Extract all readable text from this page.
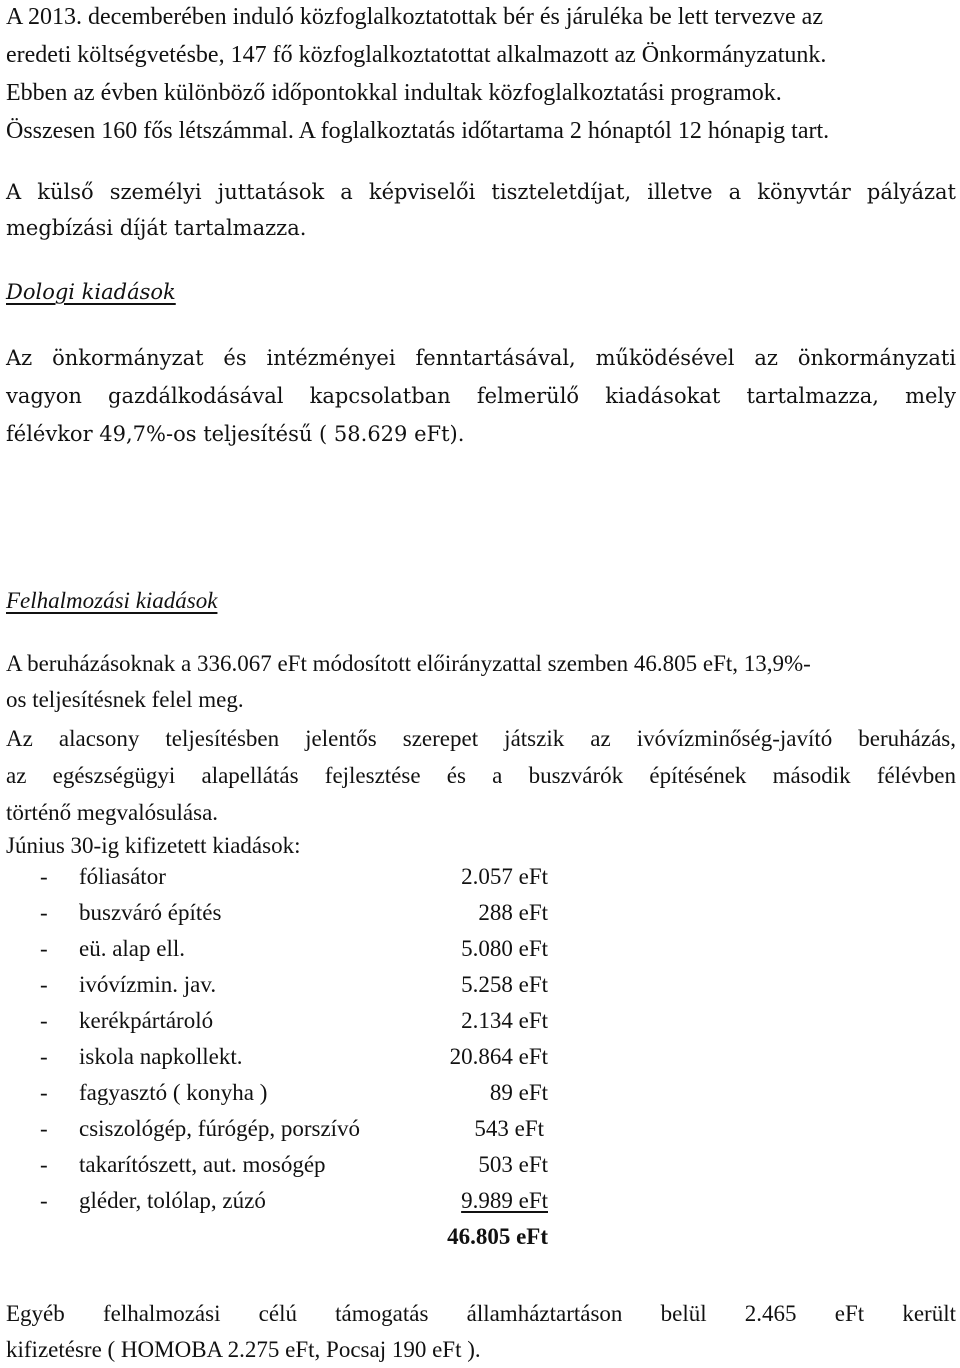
A 2013. decemberében induló közfoglalkoztatottak bér és járuléka be lett tervezve az
eredeti költségvetésbe, 147 fő közfoglalkoztatottat alkalmazott az Önkormányzatunk.
Ebben az évben különböző időpontokkal indultak közfoglalkoztatási programok.
Összesen 160 fős létszámmal. A foglalkoztatás időtartama 2 hónaptól 12 hónapig tart.
A külső személyi juttatások a képviselői tiszteletdíjat, illetve a könyvtár pályázat
megbízási díját tartalmazza.
Dologi kiadások
Az önkormányzat és intézményei fenntartásával, működésével az önkormányzati
vagyon gazdálkodásával kapcsolatban felmerülő kiadásokat tartalmazza, mely
félévkor 49,7%-os teljesítésű ( 58.629 eFt).
Felhalmozási kiadások
A beruházásoknak a 336.067 eFt módosított előirányzattal szemben 46.805 eFt, 13,9%-
os teljesítésnek felel meg.
Az alacsony teljesítésben jelentős szerepet játszik az ivóvízminőség-javító beruházás,
az egészségügyi alapellátás fejlesztése és a buszvárók építésének második félévben
történő megvalósulása.
Június 30-ig kifizetett kiadások:
- fóliasátor	2.057 eFt
- buszváró építés	288 eFt
- eü. alap ell.	5.080 eFt
- ivóvízmin. jav.	5.258 eFt
- kerékpártároló	2.134 eFt
- iskola napkollekt.	20.864 eFt
- fagyasztó ( konyha )	89 eFt
- csiszológép, fúrógép, porszívó	543 eFt
- takarítószett, aut. mosógép	503 eFt
- gléder, tolólap, zúzó	9.989 eFt
46.805 eFt
Egyéb felhalmozási célú támogatás államháztartáson belül 2.465 eFt került
kifizetésre ( HOMOBA 2.275 eFt, Pocsaj 190 eFt ).
